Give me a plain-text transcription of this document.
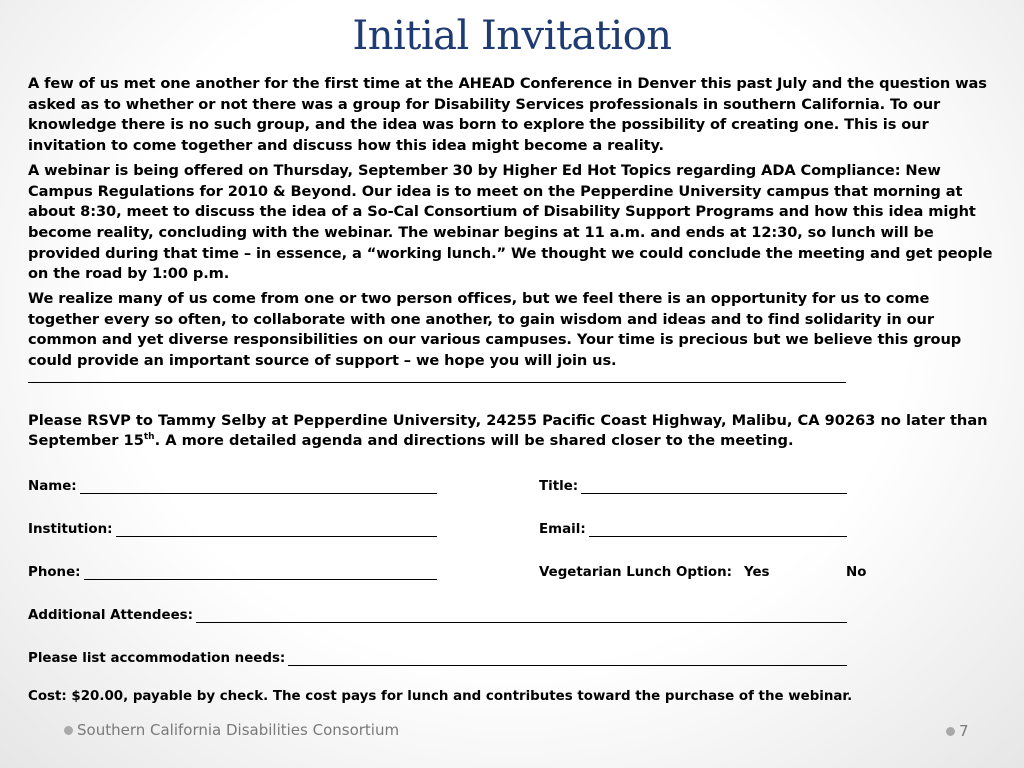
Initial Invitation

A few of us met one another for the first time at the AHEAD Conference in Denver this past July and the question was asked as to whether or not there was a group for Disability Services professionals in southern California. To our knowledge there is no such group, and the idea was born to explore the possibility of creating one. This is our invitation to come together and discuss how this idea might become a reality.

A webinar is being offered on Thursday, September 30 by Higher Ed Hot Topics regarding ADA Compliance: New Campus Regulations for 2010 & Beyond. Our idea is to meet on the Pepperdine University campus that morning at about 8:30, meet to discuss the idea of a So-Cal Consortium of Disability Support Programs and how this idea might become reality, concluding with the webinar. The webinar begins at 11 a.m. and ends at 12:30, so lunch will be provided during that time – in essence, a “working lunch.” We thought we could conclude the meeting and get people on the road by 1:00 p.m.

We realize many of us come from one or two person offices, but we feel there is an opportunity for us to come together every so often, to collaborate with one another, to gain wisdom and ideas and to find solidarity in our common and yet diverse responsibilities on our various campuses. Your time is precious but we believe this group could provide an important source of support – we hope you will join us.

Please RSVP to Tammy Selby at Pepperdine University, 24255 Pacific Coast Highway, Malibu, CA 90263 no later than September 15th. A more detailed agenda and directions will be shared closer to the meeting.

Name:	Title:
Institution:	Email:
Phone:	Vegetarian Lunch Option: Yes	No
Additional Attendees:
Please list accommodation needs:
Cost: $20.00, payable by check. The cost pays for lunch and contributes toward the purchase of the webinar.
Southern California Disabilities Consortium	7
